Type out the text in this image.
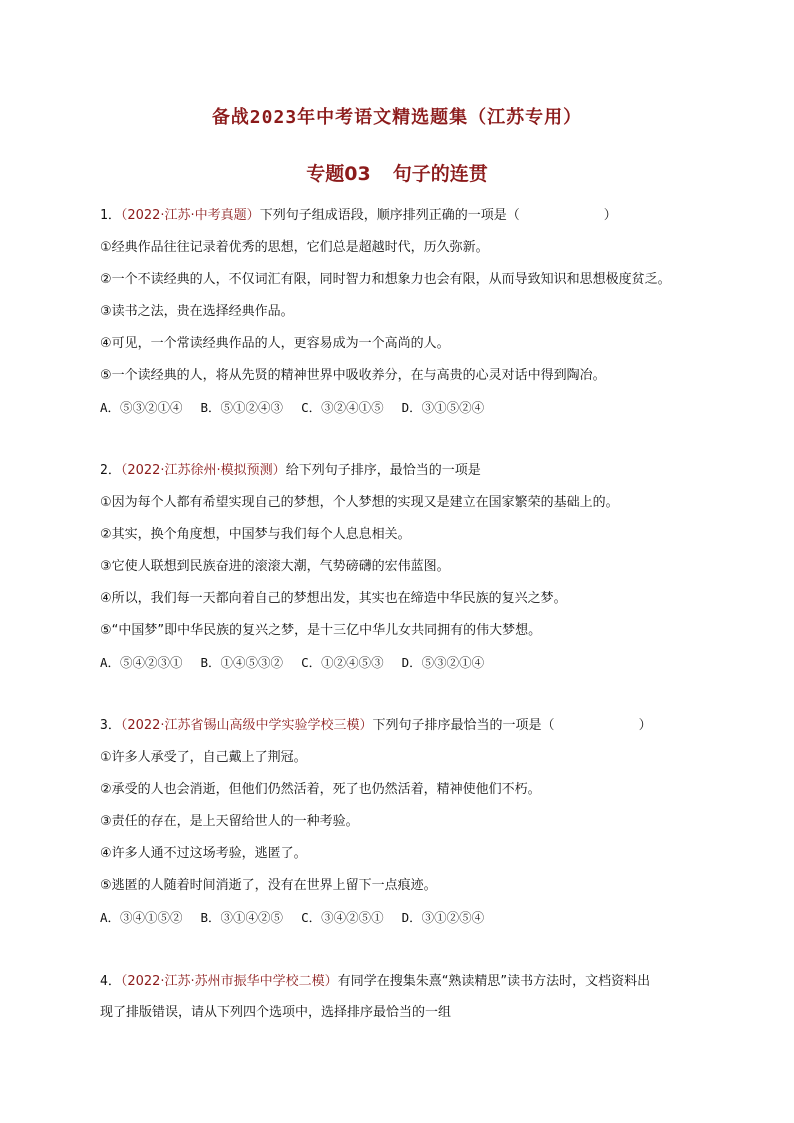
备战2023年中考语文精选题集（江苏专用）
专题03 句子的连贯
1．（2022·江苏·中考真题）下列句子组成语段，顺序排列正确的一项是（	）
①经典作品往往记录着优秀的思想，它们总是超越时代，历久弥新。
②一个不读经典的人，不仅词汇有限，同时智力和想象力也会有限，从而导致知识和思想极度贫乏。
③读书之法，贵在选择经典作品。
④可见，一个常读经典作品的人，更容易成为一个高尚的人。
⑤一个读经典的人，将从先贤的精神世界中吸收养分，在与高贵的心灵对话中得到陶冶。
A．⑤③②①④ B．⑤①②④③ C．③②④①⑤ D．③①⑤②④
2．（2022·江苏徐州·模拟预测）给下列句子排序，最恰当的一项是
①因为每个人都有希望实现自己的梦想，个人梦想的实现又是建立在国家繁荣的基础上的。
②其实，换个角度想，中国梦与我们每个人息息相关。
③它使人联想到民族奋进的滚滚大潮，气势磅礴的宏伟蓝图。
④所以，我们每一天都向着自己的梦想出发，其实也在缔造中华民族的复兴之梦。
⑤“中国梦”即中华民族的复兴之梦，是十三亿中华儿女共同拥有的伟大梦想。
A．⑤④②③① B．①④⑤③② C．①②④⑤③ D．⑤③②①④
3．（2022·江苏省锡山高级中学实验学校三模）下列句子排序最恰当的一项是（	）
①许多人承受了，自己戴上了荆冠。
②承受的人也会消逝，但他们仍然活着，死了也仍然活着，精神使他们不朽。
③责任的存在，是上天留给世人的一种考验。
④许多人通不过这场考验，逃匿了。
⑤逃匿的人随着时间消逝了，没有在世界上留下一点痕迹。
A．③④①⑤② B．③①④②⑤ C．③④②⑤① D．③①②⑤④
4．（2022·江苏·苏州市振华中学校二模）有同学在搜集朱熹“熟读精思”读书方法时，文档资料出
现了排版错误，请从下列四个选项中，选择排序最恰当的一组
